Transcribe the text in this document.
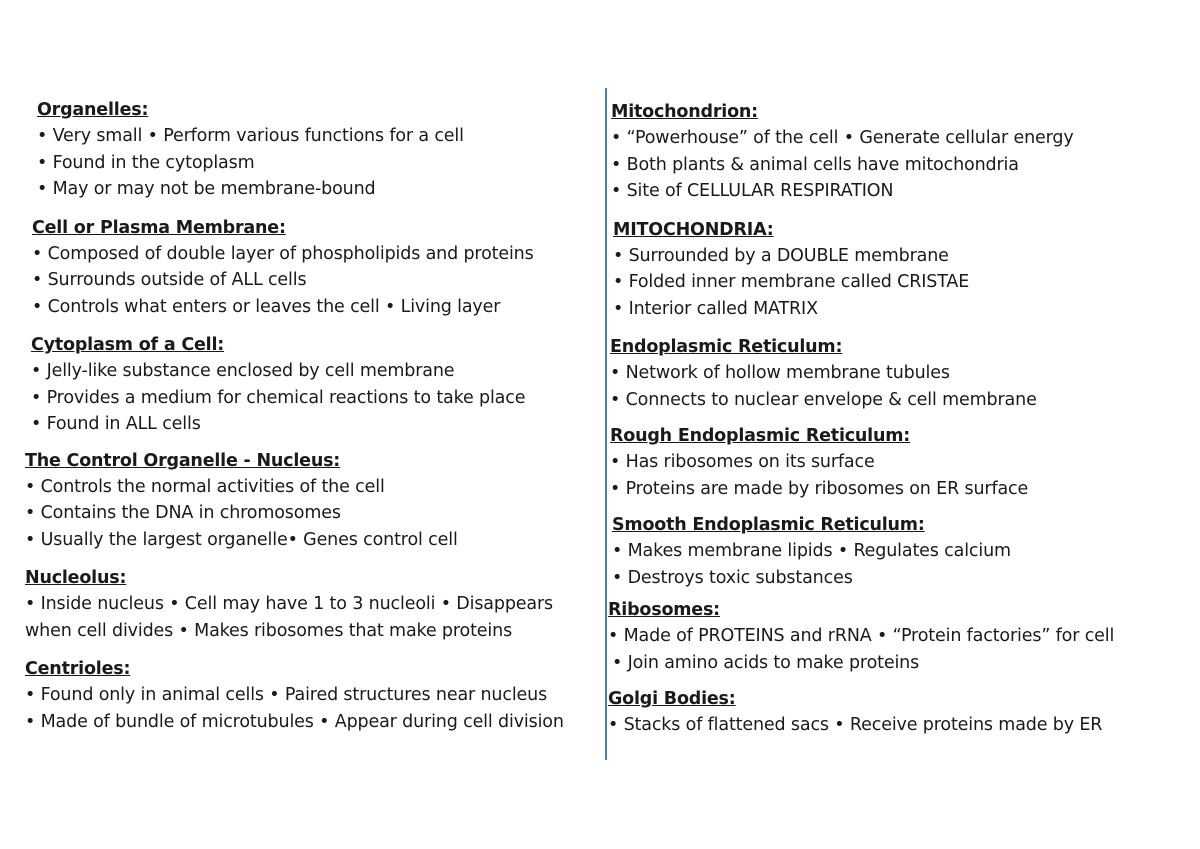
Organelles:
• Very small • Perform various functions for a cell
• Found in the cytoplasm
• May or may not be membrane-bound
Cell or Plasma Membrane:
• Composed of double layer of phospholipids and proteins
• Surrounds outside of ALL cells
• Controls what enters or leaves the cell • Living layer
Cytoplasm of a Cell:
• Jelly-like substance enclosed by cell membrane
• Provides a medium for chemical reactions to take place
• Found in ALL cells
The Control Organelle - Nucleus:
• Controls the normal activities of the cell
• Contains the DNA in chromosomes
• Usually the largest organelle• Genes control cell
Nucleolus:
• Inside nucleus • Cell may have 1 to 3 nucleoli • Disappears
when cell divides • Makes ribosomes that make proteins
Centrioles:
• Found only in animal cells • Paired structures near nucleus
• Made of bundle of microtubules • Appear during cell division
Mitochondrion:
• “Powerhouse” of the cell • Generate cellular energy
• Both plants & animal cells have mitochondria
• Site of CELLULAR RESPIRATION
MITOCHONDRIA:
• Surrounded by a DOUBLE membrane
• Folded inner membrane called CRISTAE
• Interior called MATRIX
Endoplasmic Reticulum:
• Network of hollow membrane tubules
• Connects to nuclear envelope & cell membrane
Rough Endoplasmic Reticulum:
• Has ribosomes on its surface
• Proteins are made by ribosomes on ER surface
Smooth Endoplasmic Reticulum:
• Makes membrane lipids • Regulates calcium
• Destroys toxic substances
Ribosomes:
• Made of PROTEINS and rRNA • “Protein factories” for cell
• Join amino acids to make proteins
Golgi Bodies:
• Stacks of flattened sacs • Receive proteins made by ER
